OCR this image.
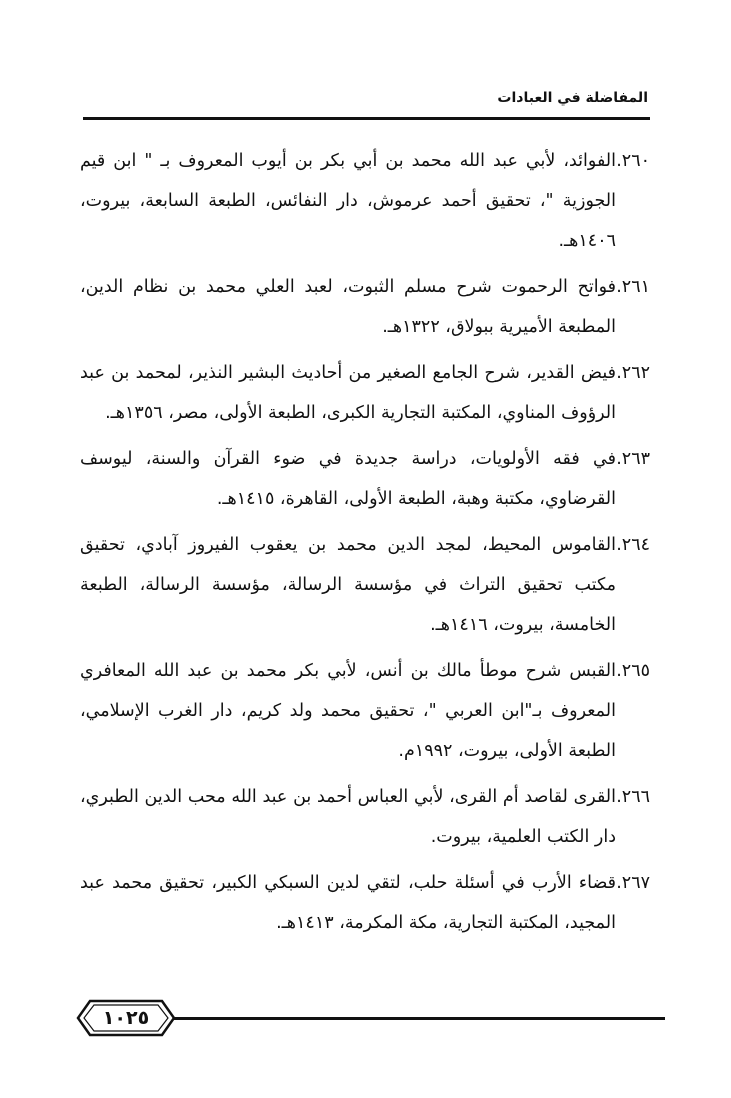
المفاضلة في العبادات
٢٦٠.
الفوائد، لأبي عبد الله محمد بن أبي بكر بن أيوب المعروف بـ " ابن قيم الجوزية "، تحقيق أحمد عرموش، دار النفائس، الطبعة السابعة، بيروت، ١٤٠٦هـ.
٢٦١.
فواتح الرحموت شرح مسلم الثبوت، لعبد العلي محمد بن نظام الدين، المطبعة الأميرية ببولاق، ١٣٢٢هـ.
٢٦٢.
فيض القدير، شرح الجامع الصغير من أحاديث البشير النذير، لمحمد بن عبد الرؤوف المناوي، المكتبة التجارية الكبرى، الطبعة الأولى، مصر، ١٣٥٦هـ.
٢٦٣.
في فقه الأولويات، دراسة جديدة في ضوء القرآن والسنة، ليوسف القرضاوي، مكتبة وهبة، الطبعة الأولى، القاهرة، ١٤١٥هـ.
٢٦٤.
القاموس المحيط، لمجد الدين محمد بن يعقوب الفيروز آبادي، تحقيق مكتب تحقيق التراث في مؤسسة الرسالة، مؤسسة الرسالة، الطبعة الخامسة، بيروت، ١٤١٦هـ.
٢٦٥.
القبس شرح موطأ مالك بن أنس، لأبي بكر محمد بن عبد الله المعافري المعروف بـ"ابن العربي "، تحقيق محمد ولد كريم، دار الغرب الإسلامي، الطبعة الأولى، بيروت، ١٩٩٢م.
٢٦٦.
القرى لقاصد أم القرى، لأبي العباس أحمد بن عبد الله محب الدين الطبري، دار الكتب العلمية، بيروت.
٢٦٧.
قضاء الأرب في أسئلة حلب، لتقي لدين السبكي الكبير، تحقيق محمد عبد المجيد، المكتبة التجارية، مكة المكرمة، ١٤١٣هـ.
١٠٢٥
